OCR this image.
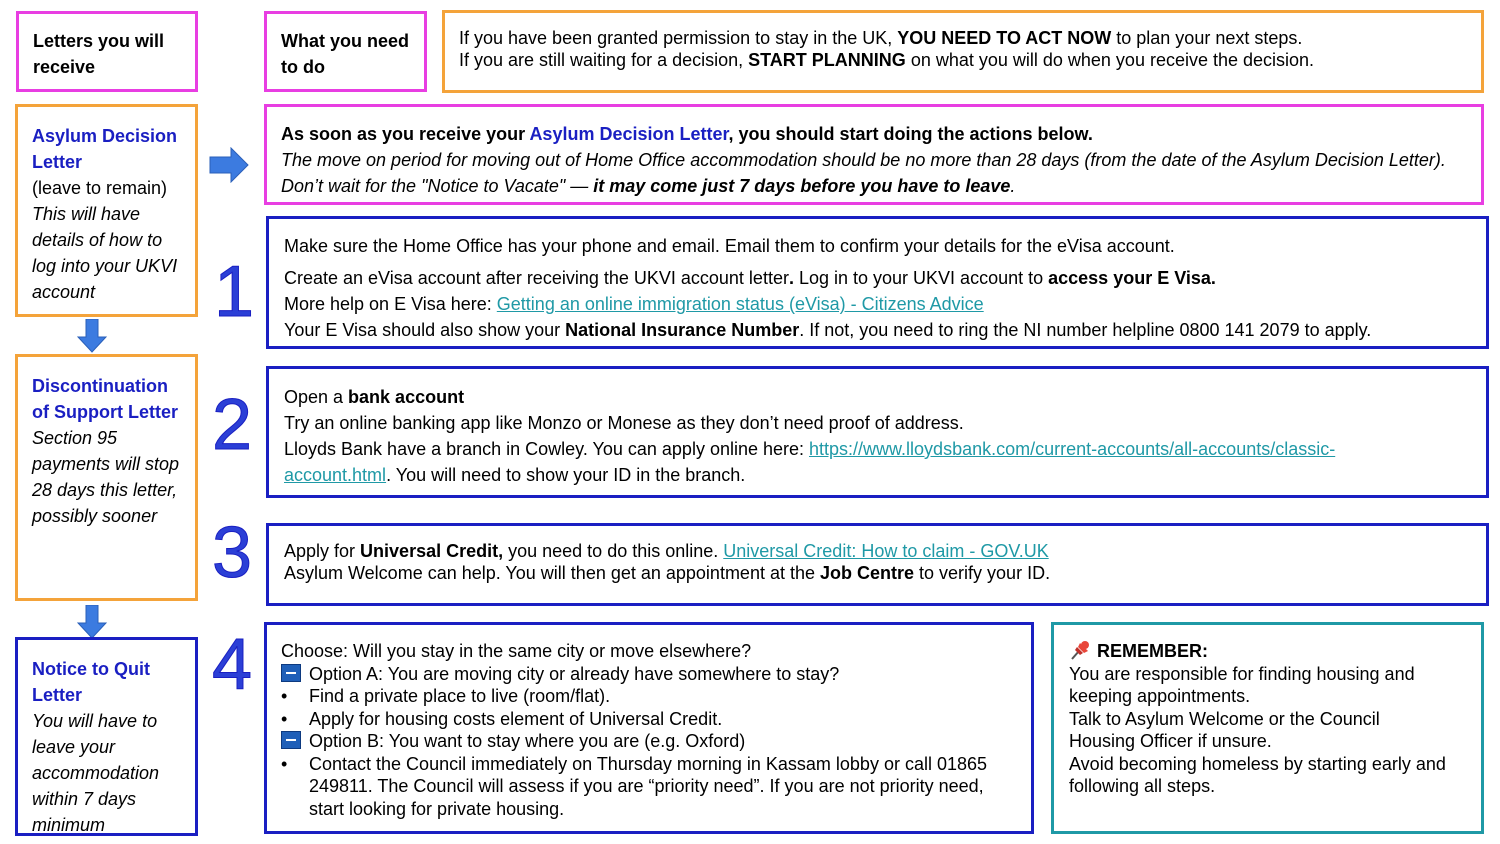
Letters you will receive
What you need to do

If you have been granted permission to stay in the UK, YOU NEED TO ACT NOW to plan your next steps.

If you are still waiting for a decision, START PLANNING on what you will do when you receive the decision.

Asylum Decision Letter
(leave to remain)
This will have details of how to log into your UKVI account
Discontinuation of Support Letter
Section 95 payments will stop 28 days this letter, possibly sooner
Notice to Quit Letter
You will have to leave your accommodation within 7 days minimum

As soon as you receive your Asylum Decision Letter, you should start doing the actions below.

The move on period for moving out of Home Office accommodation should be no more than 28 days (from the date of the Asylum Decision Letter). Don’t wait for the "Notice to Vacate" — it may come just 7 days before you have to leave.

1
2
3
4

Make sure the Home Office has your phone and email. Email them to confirm your details for the eVisa account.

Create an eVisa account after receiving the UKVI account letter. Log in to your UKVI account to access your E Visa.

More help on E Visa here: Getting an online immigration status (eVisa) - Citizens Advice

Your E Visa should also show your National Insurance Number. If not, you need to ring the NI number helpline 0800 141 2079 to apply.

Open a bank account

Try an online banking app like Monzo or Monese as they don’t need proof of address.

Lloyds Bank have a branch in Cowley. You can apply online here: https://www.lloydsbank.com/current-accounts/all-accounts/classic-
account.html. You will need to show your ID in the branch.

Apply for Universal Credit, you need to do this online. Universal Credit: How to claim - GOV.UK

Asylum Welcome can help. You will then get an appointment at the Job Centre to verify your ID.

Choose: Will you stay in the same city or move elsewhere?

Option A: You are moving city or already have somewhere to stay?

•	Find a private place to live (room/flat).
•	Apply for housing costs element of Universal Credit.

Option B: You want to stay where you are (e.g. Oxford)

•	Contact the Council immediately on Thursday morning in Kassam lobby or call 01865
249811. The Council will assess if you are “priority need”. If you are not priority need,
start looking for private housing.

REMEMBER:

You are responsible for finding housing and

keeping appointments.

Talk to Asylum Welcome or the Council

Housing Officer if unsure.

Avoid becoming homeless by starting early and

following all steps.
